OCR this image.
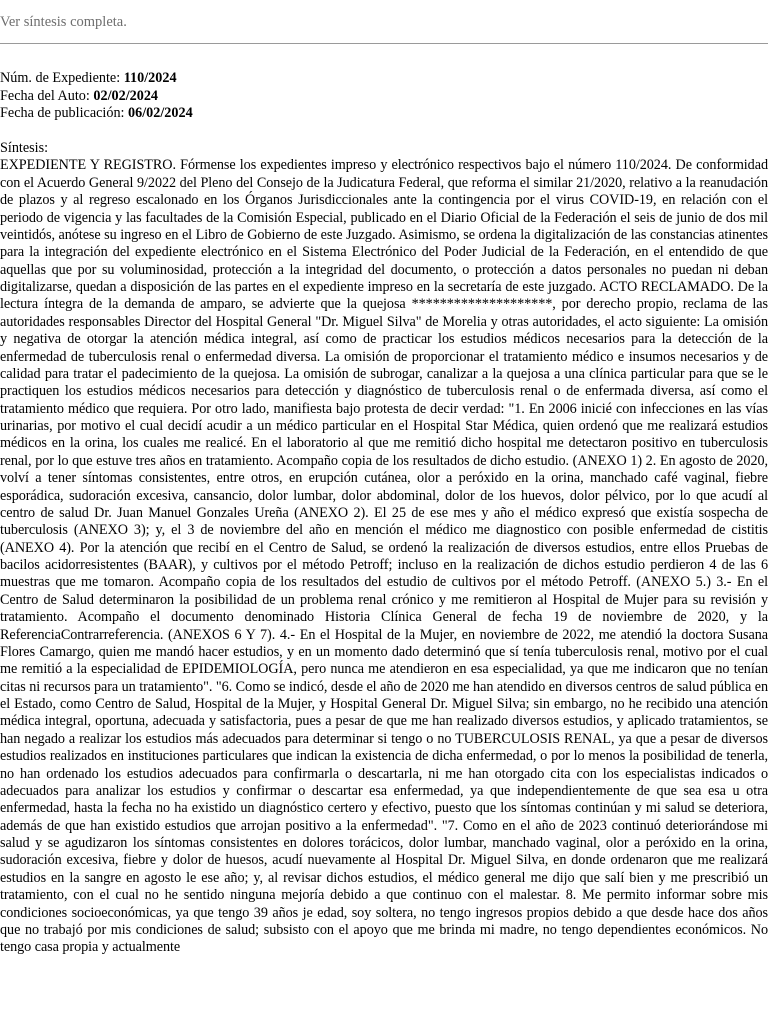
Ver síntesis completa.
Núm. de Expediente: 110/2024
Fecha del Auto: 02/02/2024
Fecha de publicación: 06/02/2024
Síntesis:

EXPEDIENTE Y REGISTRO. Fórmense los expedientes impreso y electrónico respectivos bajo el número 110/2024. De conformidad con el Acuerdo General 9/2022 del Pleno del Consejo de la Judicatura Federal, que reforma el similar 21/2020, relativo a la reanudación de plazos y al regreso escalonado en los Órganos Jurisdiccionales ante la contingencia por el virus COVID-19, en relación con el periodo de vigencia y las facultades de la Comisión Especial, publicado en el Diario Oficial de la Federación el seis de junio de dos mil veintidós, anótese su ingreso en el Libro de Gobierno de este Juzgado. Asimismo, se ordena la digitalización de las constancias atinentes para la integración del expediente electrónico en el Sistema Electrónico del Poder Judicial de la Federación, en el entendido de que aquellas que por su voluminosidad, protección a la integridad del documento, o protección a datos personales no puedan ni deban digitalizarse, quedan a disposición de las partes en el expediente impreso en la secretaría de este juzgado. ACTO RECLAMADO. De la lectura íntegra de la demanda de amparo, se advierte que la quejosa ********************, por derecho propio, reclama de las autoridades responsables Director del Hospital General "Dr. Miguel Silva" de Morelia y otras autoridades, el acto siguiente: La omisión y negativa de otorgar la atención médica integral, así como de practicar los estudios médicos necesarios para la detección de la enfermedad de tuberculosis renal o enfermedad diversa. La omisión de proporcionar el tratamiento médico e insumos necesarios y de calidad para tratar el padecimiento de la quejosa. La omisión de subrogar, canalizar a la quejosa a una clínica particular para que se le practiquen los estudios médicos necesarios para detección y diagnóstico de tuberculosis renal o de enfermada diversa, así como el tratamiento médico que requiera. Por otro lado, manifiesta bajo protesta de decir verdad: "1. En 2006 inicié con infecciones en las vías urinarias, por motivo el cual decidí acudir a un médico particular en el Hospital Star Médica, quien ordenó que me realizará estudios médicos en la orina, los cuales me realicé. En el laboratorio al que me remitió dicho hospital me detectaron positivo en tuberculosis renal, por lo que estuve tres años en tratamiento. Acompaño copia de los resultados de dicho estudio. (ANEXO 1) 2. En agosto de 2020, volví a tener síntomas consistentes, entre otros, en erupción cutánea, olor a peróxido en la orina, manchado café vaginal, fiebre esporádica, sudoración excesiva, cansancio, dolor lumbar, dolor abdominal, dolor de los huevos, dolor pélvico, por lo que acudí al centro de salud Dr. Juan Manuel Gonzales Ureña (ANEXO 2). El 25 de ese mes y año el médico expresó que existía sospecha de tuberculosis (ANEXO 3); y, el 3 de noviembre del año en mención el médico me diagnostico con posible enfermedad de cistitis (ANEXO 4). Por la atención que recibí en el Centro de Salud, se ordenó la realización de diversos estudios, entre ellos Pruebas de bacilos acidorresistentes (BAAR), y cultivos por el método Petroff; incluso en la realización de dichos estudio perdieron 4 de las 6 muestras que me tomaron. Acompaño copia de los resultados del estudio de cultivos por el método Petroff. (ANEXO 5.) 3.- En el Centro de Salud determinaron la posibilidad de un problema renal crónico y me remitieron al Hospital de Mujer para su revisión y tratamiento. Acompaño el documento denominado Historia Clínica General de fecha 19 de noviembre de 2020, y la ReferenciaContrarreferencia. (ANEXOS 6 Y 7). 4.- En el Hospital de la Mujer, en noviembre de 2022, me atendió la doctora Susana Flores Camargo, quien me mandó hacer estudios, y en un momento dado determinó que sí tenía tuberculosis renal, motivo por el cual me remitió a la especialidad de EPIDEMIOLOGÍA, pero nunca me atendieron en esa especialidad, ya que me indicaron que no tenían citas ni recursos para un tratamiento". "6. Como se indicó, desde el año de 2020 me han atendido en diversos centros de salud pública en el Estado, como Centro de Salud, Hospital de la Mujer, y Hospital General Dr. Miguel Silva; sin embargo, no he recibido una atención médica integral, oportuna, adecuada y satisfactoria, pues a pesar de que me han realizado diversos estudios, y aplicado tratamientos, se han negado a realizar los estudios más adecuados para determinar si tengo o no TUBERCULOSIS RENAL, ya que a pesar de diversos estudios realizados en instituciones particulares que indican la existencia de dicha enfermedad, o por lo menos la posibilidad de tenerla, no han ordenado los estudios adecuados para confirmarla o descartarla, ni me han otorgado cita con los especialistas indicados o adecuados para analizar los estudios y confirmar o descartar esa enfermedad, ya que independientemente de que sea esa u otra enfermedad, hasta la fecha no ha existido un diagnóstico certero y efectivo, puesto que los síntomas continúan y mi salud se deteriora, además de que han existido estudios que arrojan positivo a la enfermedad". "7. Como en el año de 2023 continuó deteriorándose mi salud y se agudizaron los síntomas consistentes en dolores torácicos, dolor lumbar, manchado vaginal, olor a peróxido en la orina, sudoración excesiva, fiebre y dolor de huesos, acudí nuevamente al Hospital Dr. Miguel Silva, en donde ordenaron que me realizará estudios en la sangre en agosto le ese año; y, al revisar dichos estudios, el médico general me dijo que salí bien y me prescribió un tratamiento, con el cual no he sentido ninguna mejoría debido a que continuo con el malestar. 8. Me permito informar sobre mis condiciones socioeconómicas, ya que tengo 39 años je edad, soy soltera, no tengo ingresos propios debido a que desde hace dos años que no trabajó por mis condiciones de salud; subsisto con el apoyo que me brinda mi madre, no tengo dependientes económicos. No tengo casa propia y actualmente
